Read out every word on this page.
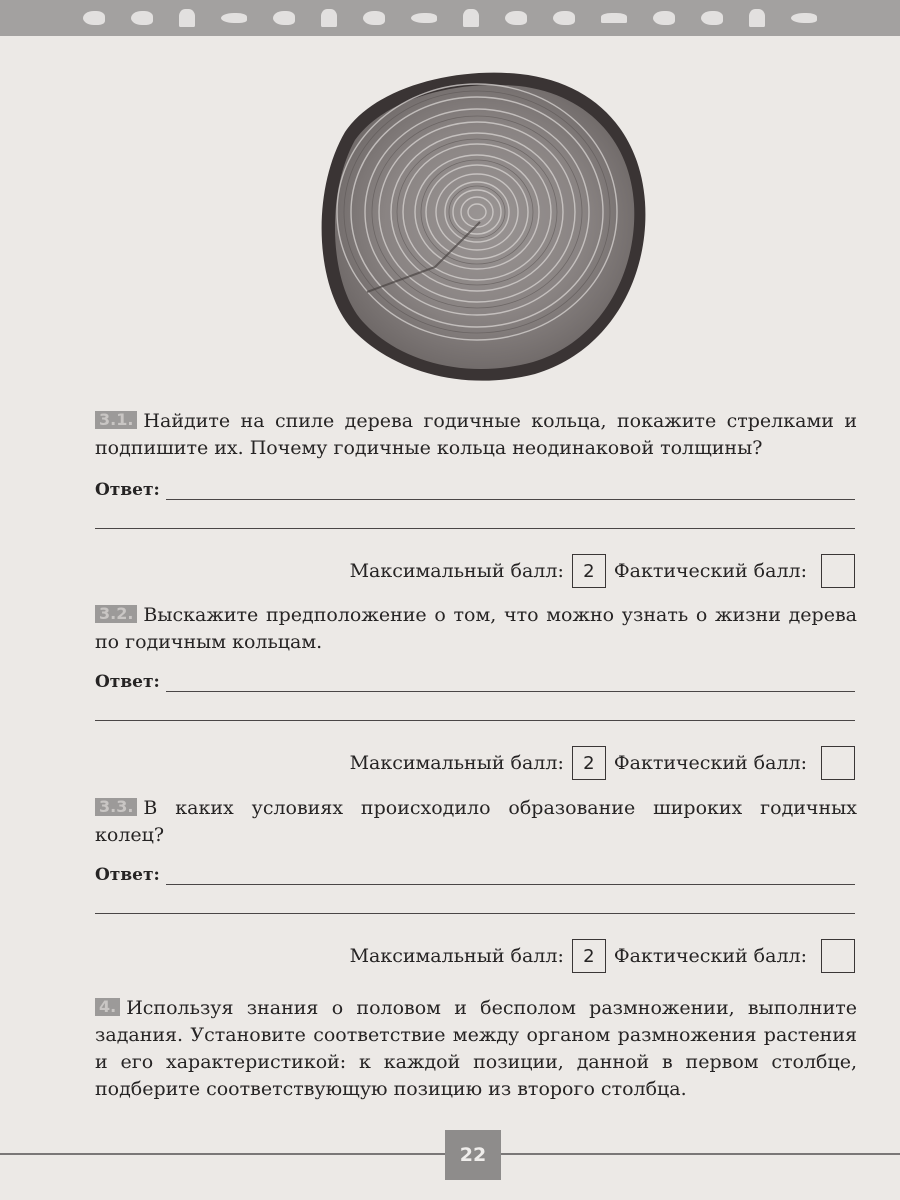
3.1. Найдите на спиле дерева годичные кольца, покажите стрелками и подпишите их. Почему годичные кольца неодинаковой толщины?

Ответ:
Максимальный балл:	2	Фактический балл:

3.2. Выскажите предположение о том, что можно узнать о жизни дерева по годичным кольцам.

Ответ:
Максимальный балл:	2	Фактический балл:

3.3. В каких условиях происходило образование широких годичных колец?

Ответ:
Максимальный балл:	2	Фактический балл:

4. Используя знания о половом и бесполом размножении, выполните задания. Установите соответствие между органом размножения растения и его характеристикой: к каждой позиции, данной в первом столбце, подберите соответствующую позицию из второго столбца.

22
